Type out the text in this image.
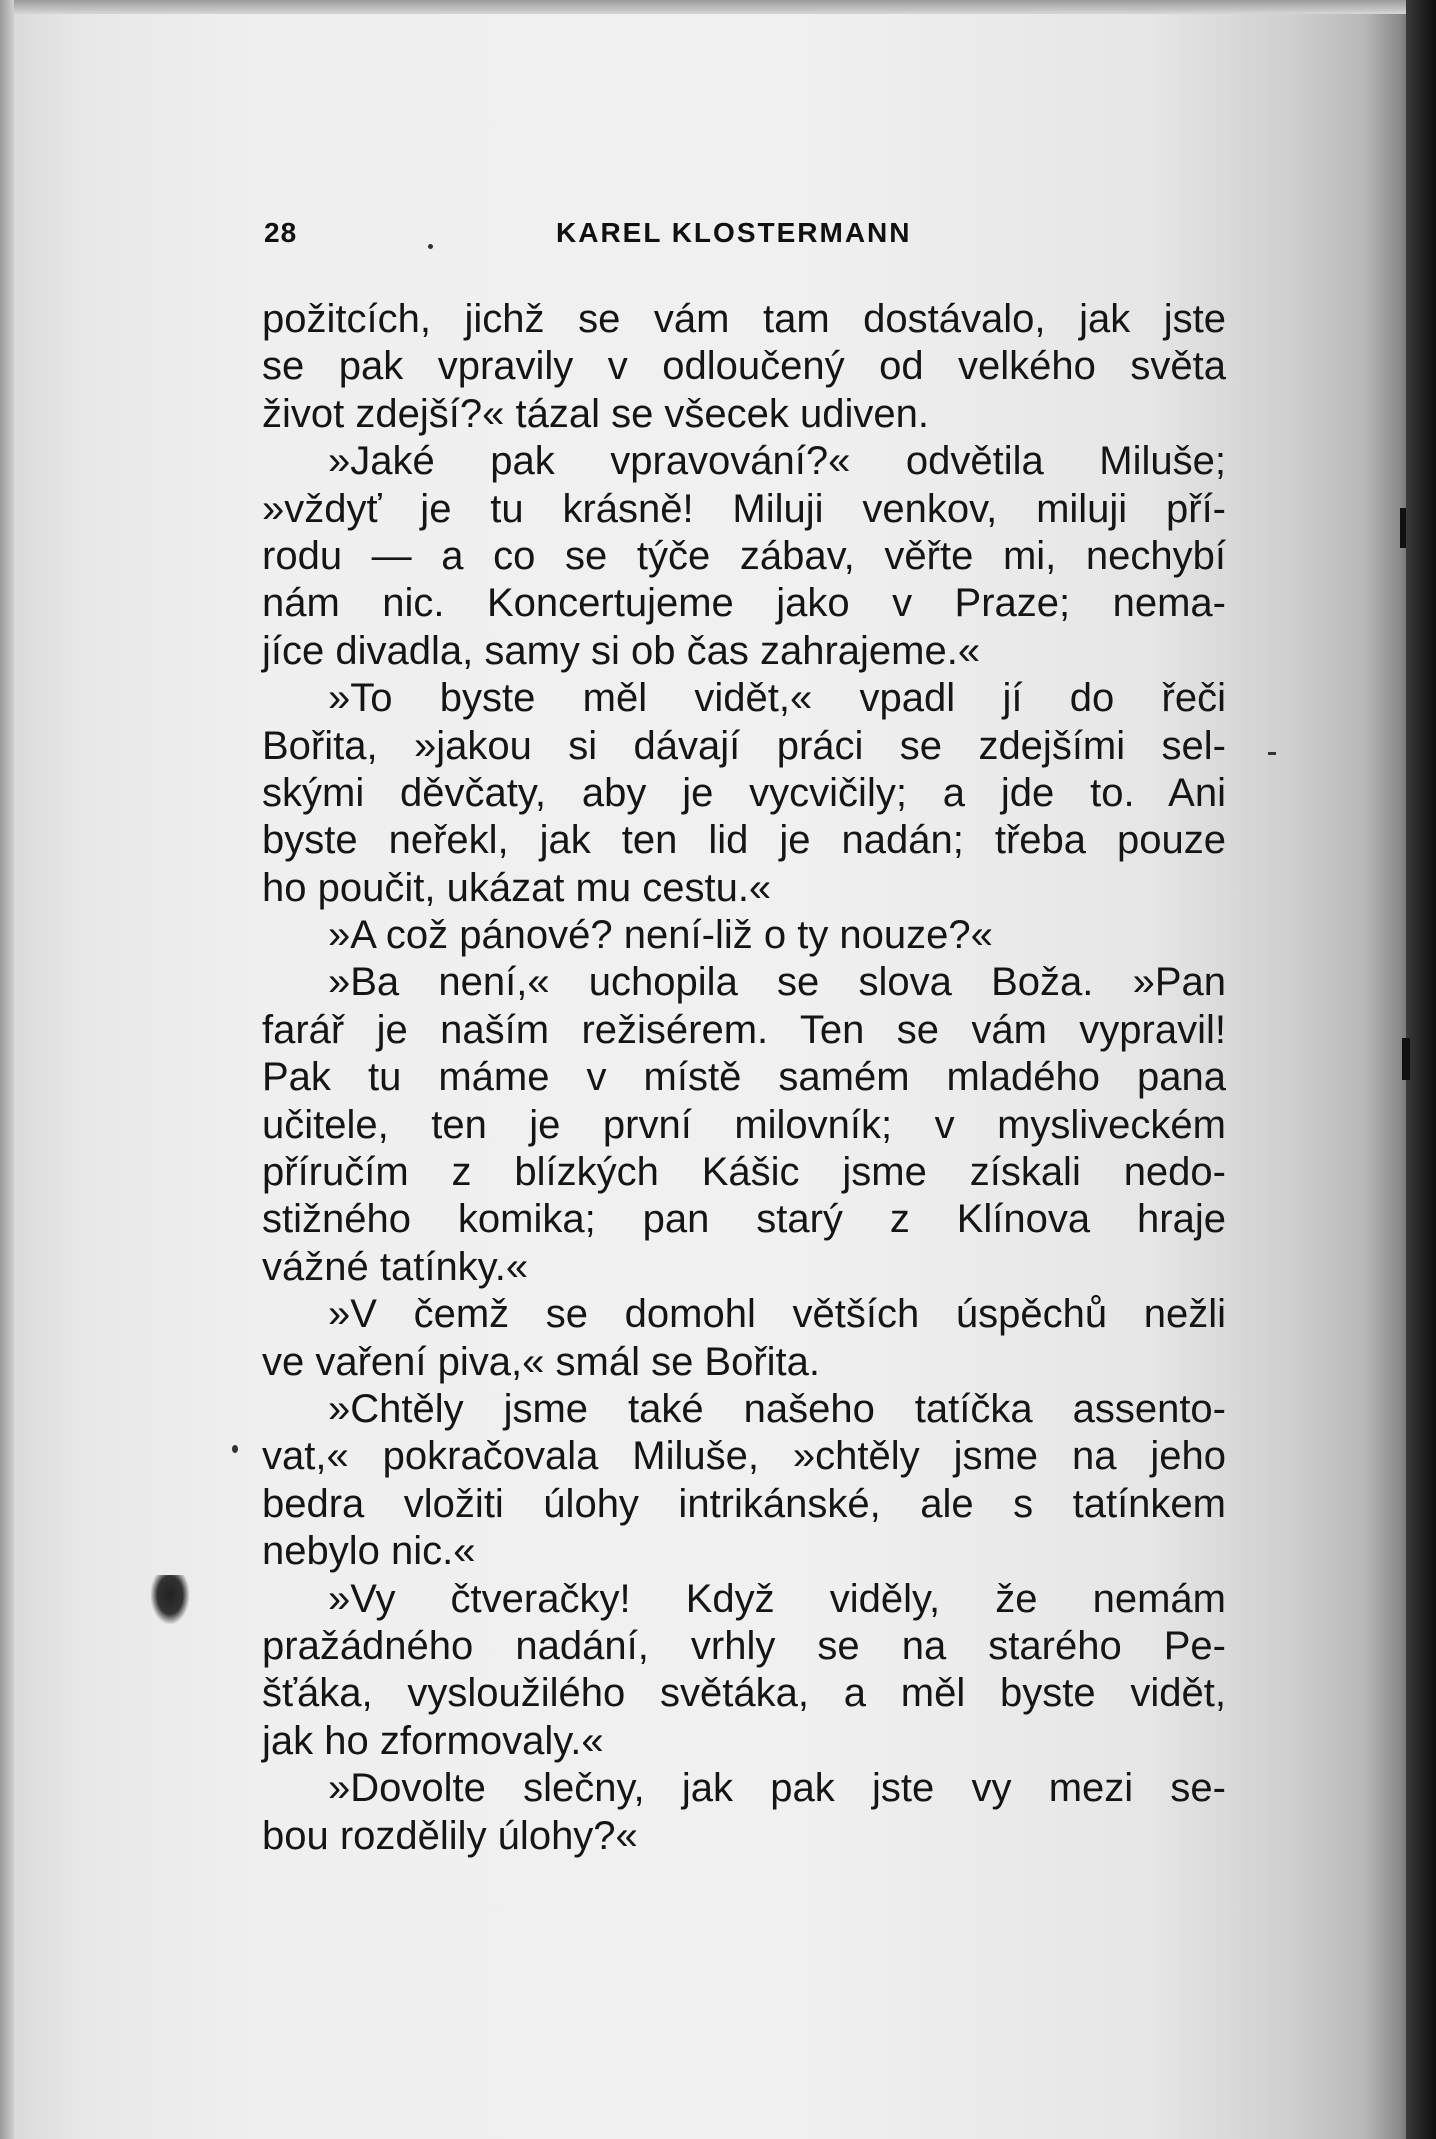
28	KAREL KLOSTERMANN
požitcích, jichž se vám tam dostávalo, jak jste
se pak vpravily v odloučený od velkého světa
život zdejší?« tázal se všecek udiven.
»Jaké pak vpravování?« odvětila Miluše;
»vždyť je tu krásně! Miluji venkov, miluji pří-
rodu — a co se týče zábav, věřte mi, nechybí
nám nic. Koncertujeme jako v Praze; nema-
jíce divadla, samy si ob čas zahrajeme.«
»To byste měl vidět,« vpadl jí do řeči
Bořita, »jakou si dávají práci se zdejšími sel-
skými děvčaty, aby je vycvičily; a jde to. Ani
byste neřekl, jak ten lid je nadán; třeba pouze
ho poučit, ukázat mu cestu.«
»A což pánové? není-liž o ty nouze?«
»Ba není,« uchopila se slova Boža. »Pan
farář je naším režisérem. Ten se vám vypravil!
Pak tu máme v místě samém mladého pana
učitele, ten je první milovník; v mysliveckém
příručím z blízkých Kášic jsme získali nedo-
stižného komika; pan starý z Klínova hraje
vážné tatínky.«
»V čemž se domohl větších úspěchů nežli
ve vaření piva,« smál se Bořita.
»Chtěly jsme také našeho tatíčka assento-
vat,« pokračovala Miluše, »chtěly jsme na jeho
bedra vložiti úlohy intrikánské, ale s tatínkem
nebylo nic.«
»Vy čtveračky! Když viděly, že nemám
pražádného nadání, vrhly se na starého Pe-
šťáka, vysloužilého světáka, a měl byste vidět,
jak ho zformovaly.«
»Dovolte slečny, jak pak jste vy mezi se-
bou rozdělily úlohy?«
